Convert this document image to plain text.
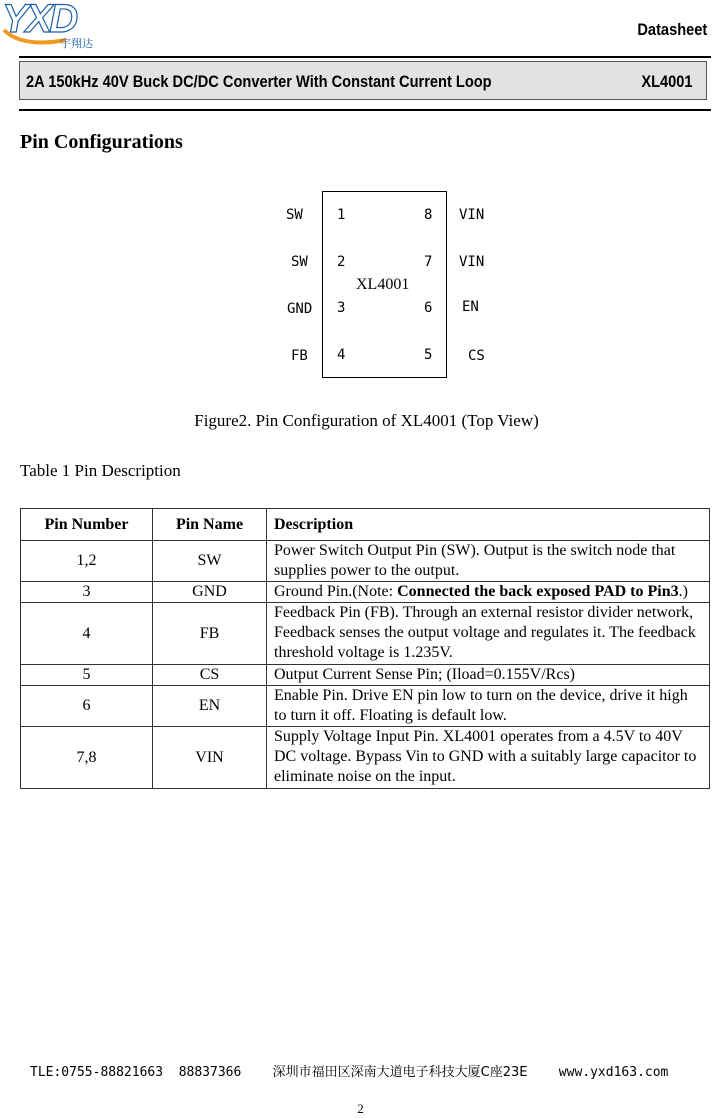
YXD
宇翔达
Datasheet
2A 150kHz 40V Buck DC/DC Converter With Constant Current Loop	XL4001
Pin Configurations
XL4001
SW
SW
GND
FB
1
2
3
4
8
7
6
5
VIN
VIN
EN
CS
Figure2. Pin Configuration of XL4001 (Top View)
Table 1 Pin Description
Pin Number	Pin Name	Description
1,2	SW	Power Switch Output Pin (SW). Output is the switch node that supplies power to the output.
3	GND	Ground Pin.(Note: Connected the back exposed PAD to Pin3.)
4	FB	Feedback Pin (FB). Through an external resistor divider network, Feedback senses the output voltage and regulates it. The feedback threshold voltage is 1.235V.
5	CS	Output Current Sense Pin; (Iload=0.155V/Rcs)
6	EN	Enable Pin. Drive EN pin low to turn on the device, drive it high to turn it off. Floating is default low.
7,8	VIN	Supply Voltage Input Pin. XL4001 operates from a 4.5V to 40V DC voltage. Bypass Vin to GND with a suitably large capacitor to eliminate noise on the input.
TLE:0755-88821663  88837366 深圳市福田区深南大道电子科技大厦C座23E www.yxd163.com
2
